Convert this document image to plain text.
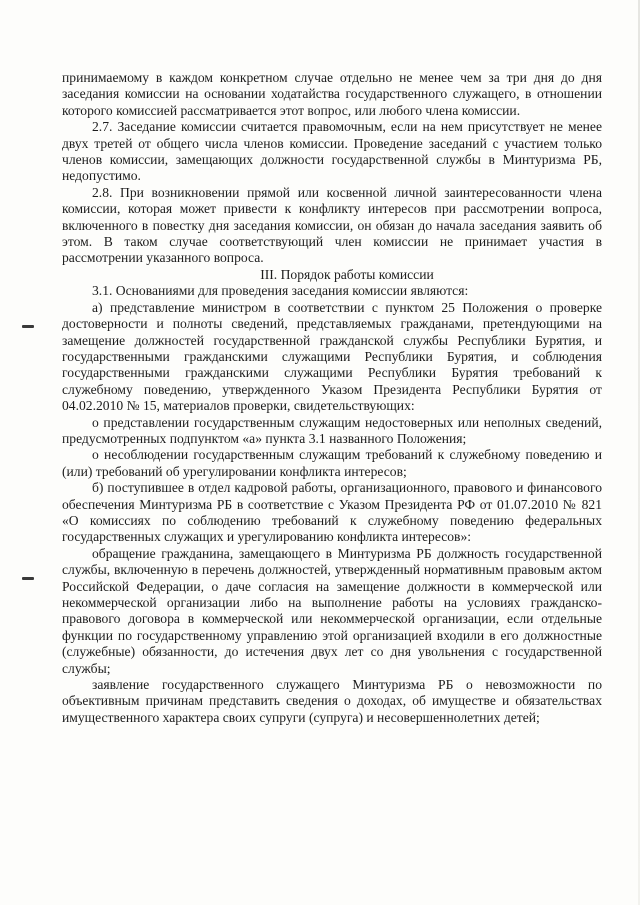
принимаемому в каждом конкретном случае отдельно не менее чем за три дня до дня заседания комиссии на основании ходатайства государственного служащего, в отношении которого комиссией рассматривается этот вопрос, или любого члена комиссии.

2.7. Заседание комиссии считается правомочным, если на нем присутствует не менее двух третей от общего числа членов комиссии. Проведение заседаний с участием только членов комиссии, замещающих должности государственной службы в Минтуризма РБ, недопустимо.

2.8. При возникновении прямой или косвенной личной заинтересованности члена комиссии, которая может привести к конфликту интересов при рассмотрении вопроса, включенного в повестку дня заседания комиссии, он обязан до начала заседания заявить об этом. В таком случае соответствующий член комиссии не принимает участия в рассмотрении указанного вопроса.

III. Порядок работы комиссии

3.1. Основаниями для проведения заседания комиссии являются:

а) представление министром в соответствии с пунктом 25 Положения о проверке достоверности и полноты сведений, представляемых гражданами, претендующими на замещение должностей государственной гражданской службы Республики Бурятия, и государственными гражданскими служащими Республики Бурятия, и соблюдения государственными гражданскими служащими Республики Бурятия требований к служебному поведению, утвержденного Указом Президента Республики Бурятия от 04.02.2010 № 15, материалов проверки, свидетельствующих:

о представлении государственным служащим недостоверных или неполных сведений, предусмотренных подпунктом «а» пункта 3.1 названного Положения;

о несоблюдении государственным служащим требований к служебному поведению и (или) требований об урегулировании конфликта интересов;

б) поступившее в отдел кадровой работы, организационного, правового и финансового обеспечения Минтуризма РБ в соответствие с Указом Президента РФ от 01.07.2010 № 821 «О комиссиях по соблюдению требований к служебному поведению федеральных государственных служащих и урегулированию конфликта интересов»:

обращение гражданина, замещающего в Минтуризма РБ должность государственной службы, включенную в перечень должностей, утвержденный нормативным правовым актом Российской Федерации, о даче согласия на замещение должности в коммерческой или некоммерческой организации либо на выполнение работы на условиях гражданско-правового договора в коммерческой или некоммерческой организации, если отдельные функции по государственному управлению этой организацией входили в его должностные (служебные) обязанности, до истечения двух лет со дня увольнения с государственной службы;

заявление государственного служащего Минтуризма РБ о невозможности по объективным причинам представить сведения о доходах, об имуществе и обязательствах имущественного характера своих супруги (супруга) и несовершеннолетних детей;
